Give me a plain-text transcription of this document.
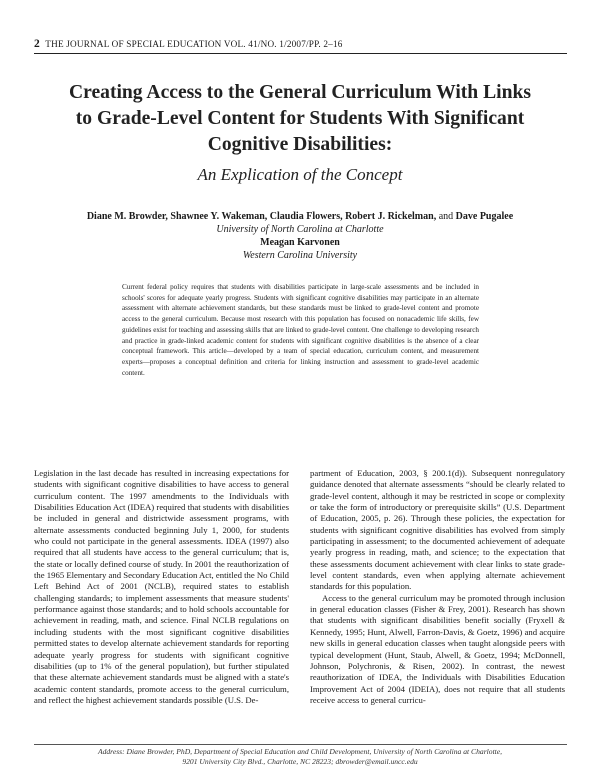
2 THE JOURNAL OF SPECIAL EDUCATION VOL. 41/NO. 1/2007/PP. 2–16
Creating Access to the General Curriculum With Links
to Grade-Level Content for Students With Significant
Cognitive Disabilities:
An Explication of the Concept
Diane M. Browder, Shawnee Y. Wakeman, Claudia Flowers, Robert J. Rickelman, and Dave Pugalee
University of North Carolina at Charlotte
Meagan Karvonen
Western Carolina University
Current federal policy requires that students with disabilities participate in large-scale assessments and be included in schools' scores for adequate yearly progress. Students with significant cognitive disabilities may participate in an alternate assessment with alternate achievement standards, but these standards must be linked to grade-level content and promote access to the general curriculum. Because most research with this population has focused on nonacademic life skills, few guidelines exist for teaching and assessing skills that are linked to grade-level content. One challenge to developing research and practice in grade-linked academic content for students with significant cognitive disabilities is the absence of a clear conceptual framework. This article—developed by a team of special education, curriculum content, and measurement experts—proposes a conceptual definition and criteria for linking instruction and assessment to grade-level academic content.

Legislation in the last decade has resulted in increasing expectations for students with significant cognitive disabilities to have access to general curriculum content. The 1997 amendments to the Individuals with Disabilities Education Act (IDEA) required that students with disabilities be included in general and districtwide assessment programs, with alternate assessments conducted beginning July 1, 2000, for students who could not participate in the general assessments. IDEA (1997) also required that all students have access to the general curriculum; that is, the state or locally defined course of study. In 2001 the reauthorization of the 1965 Elementary and Secondary Education Act, entitled the No Child Left Behind Act of 2001 (NCLB), required states to establish challenging standards; to implement assessments that measure students' performance against those standards; and to hold schools accountable for achievement in reading, math, and science. Final NCLB regulations on including students with the most significant cognitive disabilities permitted states to develop alternate achievement standards for reporting adequate yearly progress for students with significant cognitive disabilities (up to 1% of the general population), but further stipulated that these alternate achievement standards must be aligned with a state's academic content standards, promote access to the general curriculum, and reflect the highest achievement standards possible (U.S. De-

partment of Education, 2003, § 200.1(d)). Subsequent nonregulatory guidance denoted that alternate assessments “should be clearly related to grade-level content, although it may be restricted in scope or complexity or take the form of introductory or prerequisite skills” (U.S. Department of Education, 2005, p. 26). Through these policies, the expectation for students with significant cognitive disabilities has evolved from simply participating in assessment; to the documented achievement of adequate yearly progress in reading, math, and science; to the expectation that these assessments document achievement with clear links to state grade-level content standards, even when applying alternate achievement standards for this population.

Access to the general curriculum may be promoted through inclusion in general education classes (Fisher & Frey, 2001). Research has shown that students with significant disabilities benefit socially (Fryxell & Kennedy, 1995; Hunt, Alwell, Farron-Davis, & Goetz, 1996) and acquire new skills in general education classes when taught alongside peers with typical development (Hunt, Staub, Alwell, & Goetz, 1994; McDonnell, Johnson, Polychronis, & Risen, 2002). In contrast, the newest reauthorization of IDEA, the Individuals with Disabilities Education Improvement Act of 2004 (IDEIA), does not require that all students receive access to general curricu-

Address: Diane Browder, PhD, Department of Special Education and Child Development, University of North Carolina at Charlotte,
9201 University City Blvd., Charlotte, NC 28223; dbrowder@email.uncc.edu
